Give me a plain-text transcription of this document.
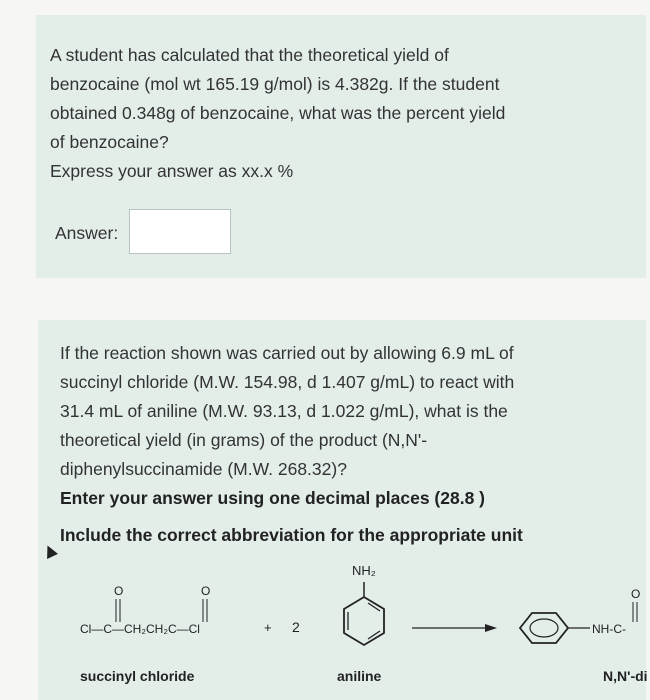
A student has calculated that the theoretical yield of
benzocaine (mol wt 165.19 g/mol) is 4.382g. If the student
obtained 0.348g of benzocaine, what was the percent yield
of benzocaine?
Express your answer as xx.x %
Answer:
If the reaction shown was carried out by allowing 6.9 mL of
succinyl chloride (M.W. 154.98, d 1.407 g/mL) to react with
31.4 mL of aniline (M.W. 93.13, d 1.022 g/mL), what is the
theoretical yield (in grams) of the product (N,N'-
diphenylsuccinamide (M.W. 268.32)?
Enter your answer using one decimal places (28.8 )
Include the correct abbreviation for the appropriate unit
Cl—C—CH₂CH₂C—Cl
O	O
+ 2
NH₂
NH-C-
O
succinyl chloride	aniline	N,N'-di
